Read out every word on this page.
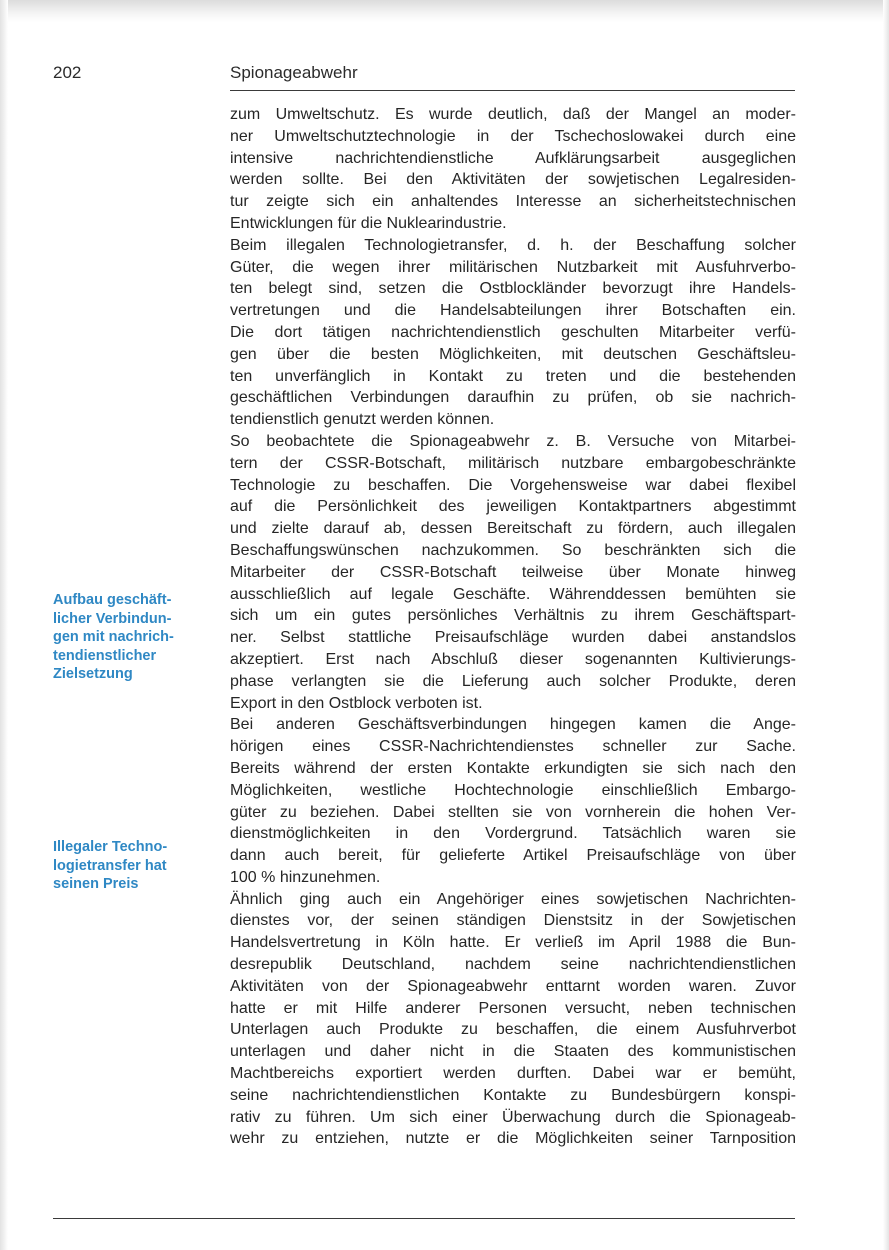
202	Spionageabwehr
Aufbau geschäft-
licher Verbindun-
gen mit nachrich-
tendienstlicher
Zielsetzung
Illegaler Techno-
logietransfer hat
seinen Preis
zum Umweltschutz. Es wurde deutlich, daß der Mangel an moder-
ner Umweltschutztechnologie in der Tschechoslowakei durch eine
intensive nachrichtendienstliche Aufklärungsarbeit ausgeglichen
werden sollte. Bei den Aktivitäten der sowjetischen Legalresiden-
tur zeigte sich ein anhaltendes Interesse an sicherheitstechnischen
Entwicklungen für die Nuklearindustrie.
Beim illegalen Technologietransfer, d. h. der Beschaffung solcher
Güter, die wegen ihrer militärischen Nutzbarkeit mit Ausfuhrverbo-
ten belegt sind, setzen die Ostblockländer bevorzugt ihre Handels-
vertretungen und die Handelsabteilungen ihrer Botschaften ein.
Die dort tätigen nachrichtendienstlich geschulten Mitarbeiter verfü-
gen über die besten Möglichkeiten, mit deutschen Geschäftsleu-
ten unverfänglich in Kontakt zu treten und die bestehenden
geschäftlichen Verbindungen daraufhin zu prüfen, ob sie nachrich-
tendienstlich genutzt werden können.
So beobachtete die Spionageabwehr z. B. Versuche von Mitarbei-
tern der CSSR-Botschaft, militärisch nutzbare embargobeschränkte
Technologie zu beschaffen. Die Vorgehensweise war dabei flexibel
auf die Persönlichkeit des jeweiligen Kontaktpartners abgestimmt
und zielte darauf ab, dessen Bereitschaft zu fördern, auch illegalen
Beschaffungswünschen nachzukommen. So beschränkten sich die
Mitarbeiter der CSSR-Botschaft teilweise über Monate hinweg
ausschließlich auf legale Geschäfte. Währenddessen bemühten sie
sich um ein gutes persönliches Verhältnis zu ihrem Geschäftspart-
ner. Selbst stattliche Preisaufschläge wurden dabei anstandslos
akzeptiert. Erst nach Abschluß dieser sogenannten Kultivierungs-
phase verlangten sie die Lieferung auch solcher Produkte, deren
Export in den Ostblock verboten ist.
Bei anderen Geschäftsverbindungen hingegen kamen die Ange-
hörigen eines CSSR-Nachrichtendienstes schneller zur Sache.
Bereits während der ersten Kontakte erkundigten sie sich nach den
Möglichkeiten, westliche Hochtechnologie einschließlich Embargo-
güter zu beziehen. Dabei stellten sie von vornherein die hohen Ver-
dienstmöglichkeiten in den Vordergrund. Tatsächlich waren sie
dann auch bereit, für gelieferte Artikel Preisaufschläge von über
100 % hinzunehmen.
Ähnlich ging auch ein Angehöriger eines sowjetischen Nachrichten-
dienstes vor, der seinen ständigen Dienstsitz in der Sowjetischen
Handelsvertretung in Köln hatte. Er verließ im April 1988 die Bun-
desrepublik Deutschland, nachdem seine nachrichtendienstlichen
Aktivitäten von der Spionageabwehr enttarnt worden waren. Zuvor
hatte er mit Hilfe anderer Personen versucht, neben technischen
Unterlagen auch Produkte zu beschaffen, die einem Ausfuhrverbot
unterlagen und daher nicht in die Staaten des kommunistischen
Machtbereichs exportiert werden durften. Dabei war er bemüht,
seine nachrichtendienstlichen Kontakte zu Bundesbürgern konspi-
rativ zu führen. Um sich einer Überwachung durch die Spionageab-
wehr zu entziehen, nutzte er die Möglichkeiten seiner Tarnposition
